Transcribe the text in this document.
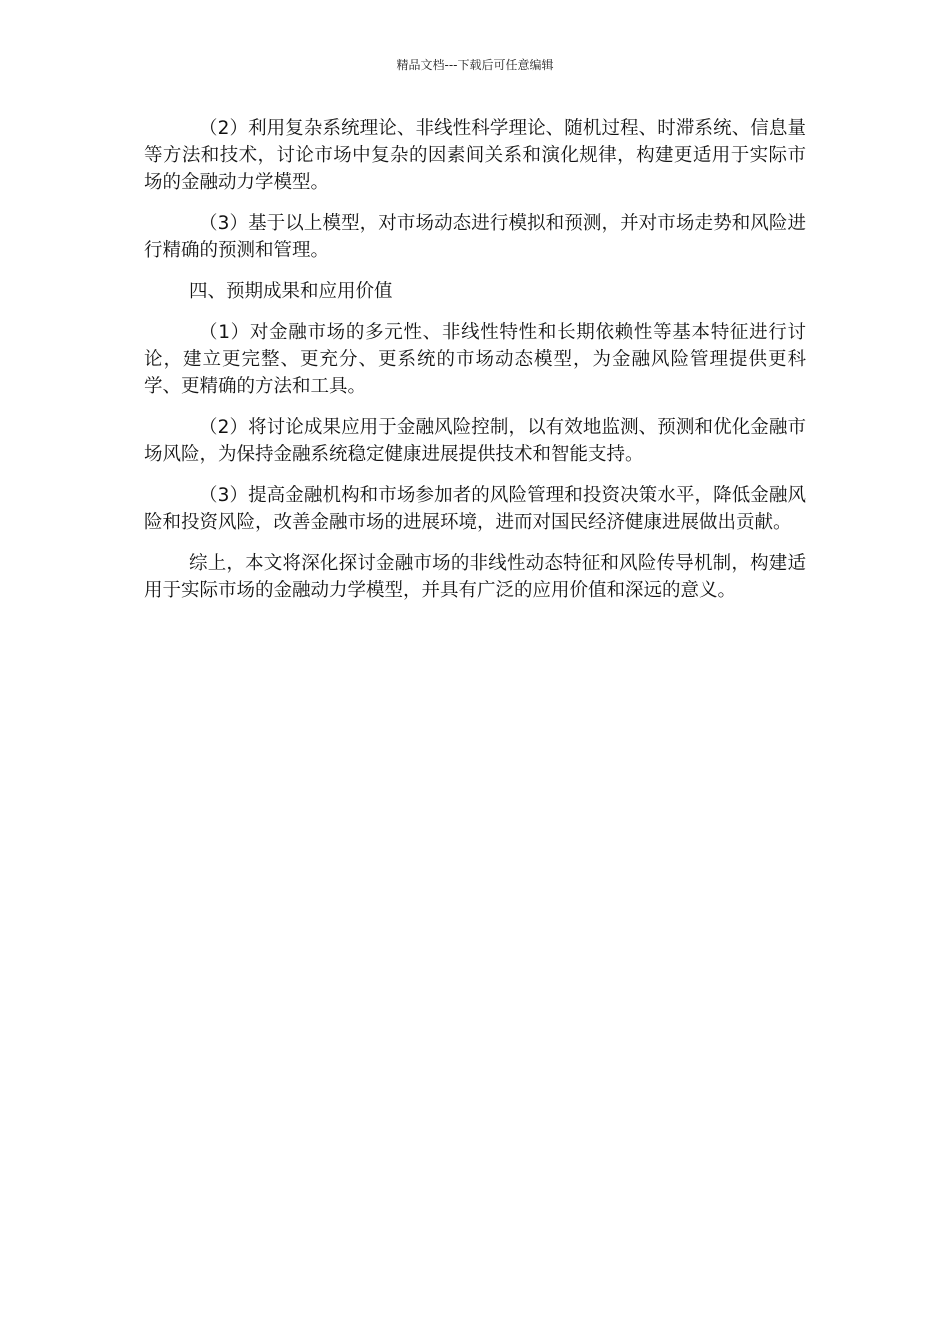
精品文档---下载后可任意编辑

（2）利用复杂系统理论、非线性科学理论、随机过程、时滞系统、信息量等方法和技术，讨论市场中复杂的因素间关系和演化规律，构建更适用于实际市场的金融动力学模型。

（3）基于以上模型，对市场动态进行模拟和预测，并对市场走势和风险进行精确的预测和管理。

四、预期成果和应用价值

（1）对金融市场的多元性、非线性特性和长期依赖性等基本特征进行讨论，建立更完整、更充分、更系统的市场动态模型，为金融风险管理提供更科学、更精确的方法和工具。

（2）将讨论成果应用于金融风险控制，以有效地监测、预测和优化金融市场风险，为保持金融系统稳定健康进展提供技术和智能支持。

（3）提高金融机构和市场参加者的风险管理和投资决策水平，降低金融风险和投资风险，改善金融市场的进展环境，进而对国民经济健康进展做出贡献。

综上，本文将深化探讨金融市场的非线性动态特征和风险传导机制，构建适用于实际市场的金融动力学模型，并具有广泛的应用价值和深远的意义。
